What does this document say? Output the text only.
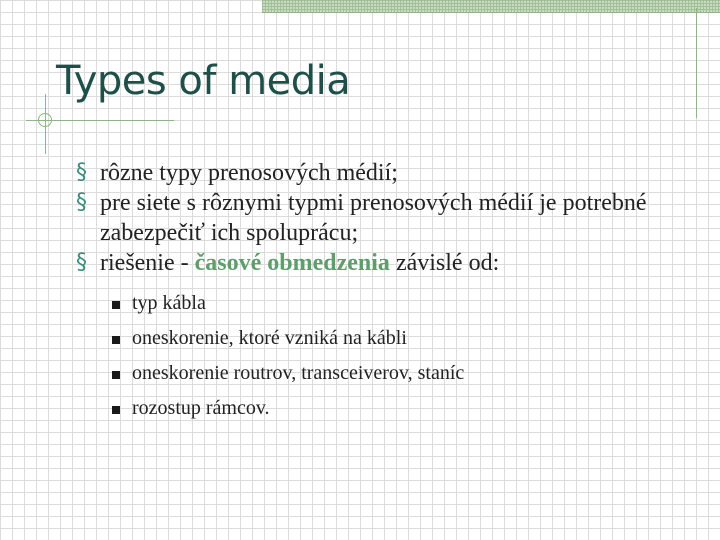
Types of media
§ rôzne typy prenosových médií;
§ pre siete s rôznymi typmi prenosových médií je potrebné zabezpečiť ich spoluprácu;
§ riešenie - časové obmedzenia závislé od:
typ kábla
oneskorenie, ktoré vzniká na kábli
oneskorenie routrov, transceiverov, staníc
rozostup rámcov.
